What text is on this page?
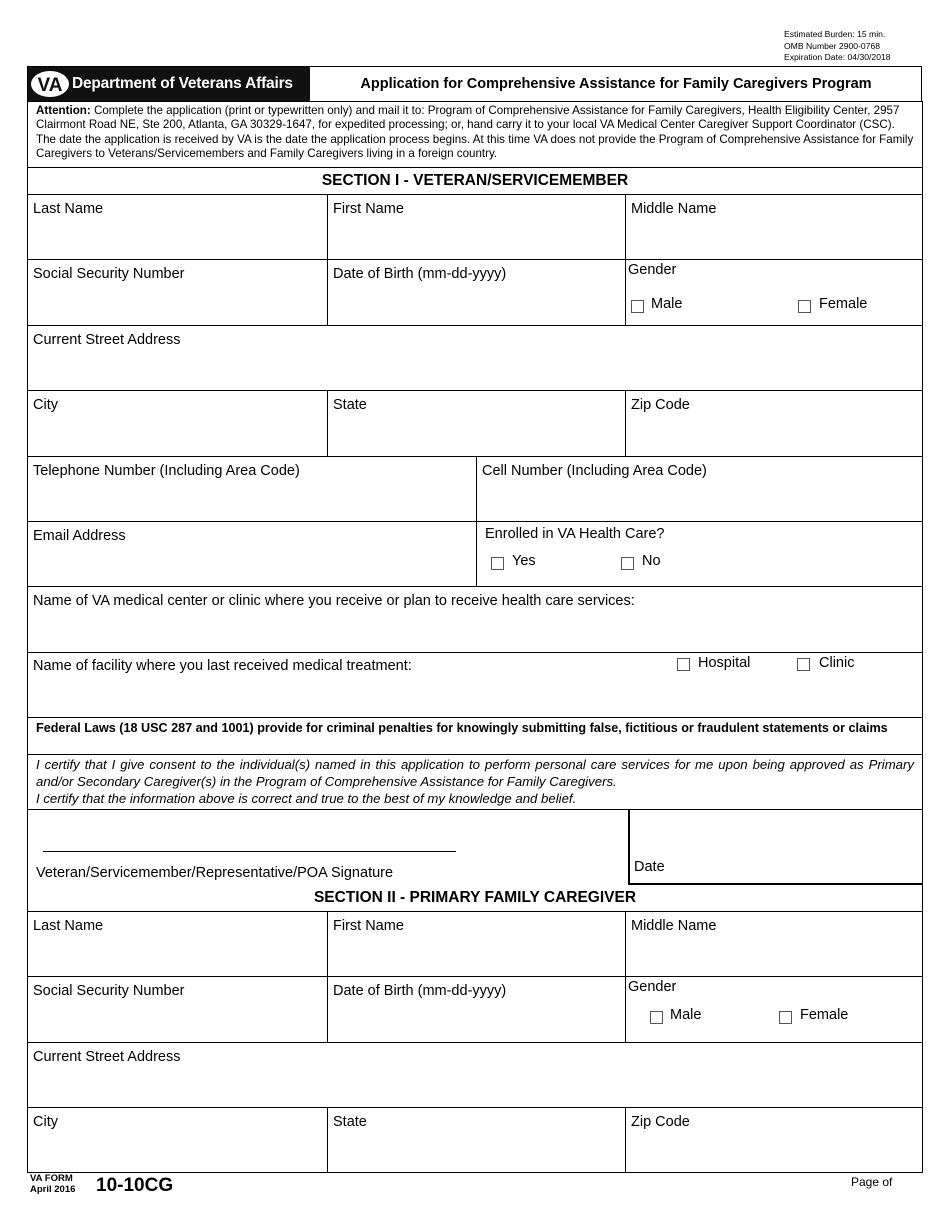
Estimated Burden: 15 min.
OMB Number 2900-0768
Expiration Date: 04/30/2018
VA Department of Veterans Affairs	Application for Comprehensive Assistance for Family Caregivers Program
Attention: Complete the application (print or typewritten only) and mail it to: Program of Comprehensive Assistance for Family Caregivers, Health Eligibility Center, 2957 Clairmont Road NE, Ste 200, Atlanta, GA 30329-1647, for expedited processing; or, hand carry it to your local VA Medical Center Caregiver Support Coordinator (CSC). The date the application is received by VA is the date the application process begins. At this time VA does not provide the Program of Comprehensive Assistance for Family Caregivers to Veterans/Servicemembers and Family Caregivers living in a foreign country.
SECTION I - VETERAN/SERVICEMEMBER
Last Name	First Name	Middle Name
Social Security Number	Date of Birth (mm-dd-yyyy)	Gender
Male	Female
Current Street Address
City	State	Zip Code
Telephone Number (Including Area Code)	Cell Number (Including Area Code)
Email Address	Enrolled in VA Health Care?
Yes	No
Name of VA medical center or clinic where you receive or plan to receive health care services:
Name of facility where you last received medical treatment:	Hospital	Clinic
Federal Laws (18 USC 287 and 1001) provide for criminal penalties for knowingly submitting false, fictitious or fraudulent statements or claims
I certify that I give consent to the individual(s) named in this application to perform personal care services for me upon being approved as Primary and/or Secondary Caregiver(s) in the Program of Comprehensive Assistance for Family Caregivers.
I certify that the information above is correct and true to the best of my knowledge and belief.
Veteran/Servicemember/Representative/POA Signature	Date
SECTION II - PRIMARY FAMILY CAREGIVER
Last Name	First Name	Middle Name
Social Security Number	Date of Birth (mm-dd-yyyy)	Gender
Male	Female
Current Street Address
City	State	Zip Code
VA FORM
April 2016 10-10CG	Page of
